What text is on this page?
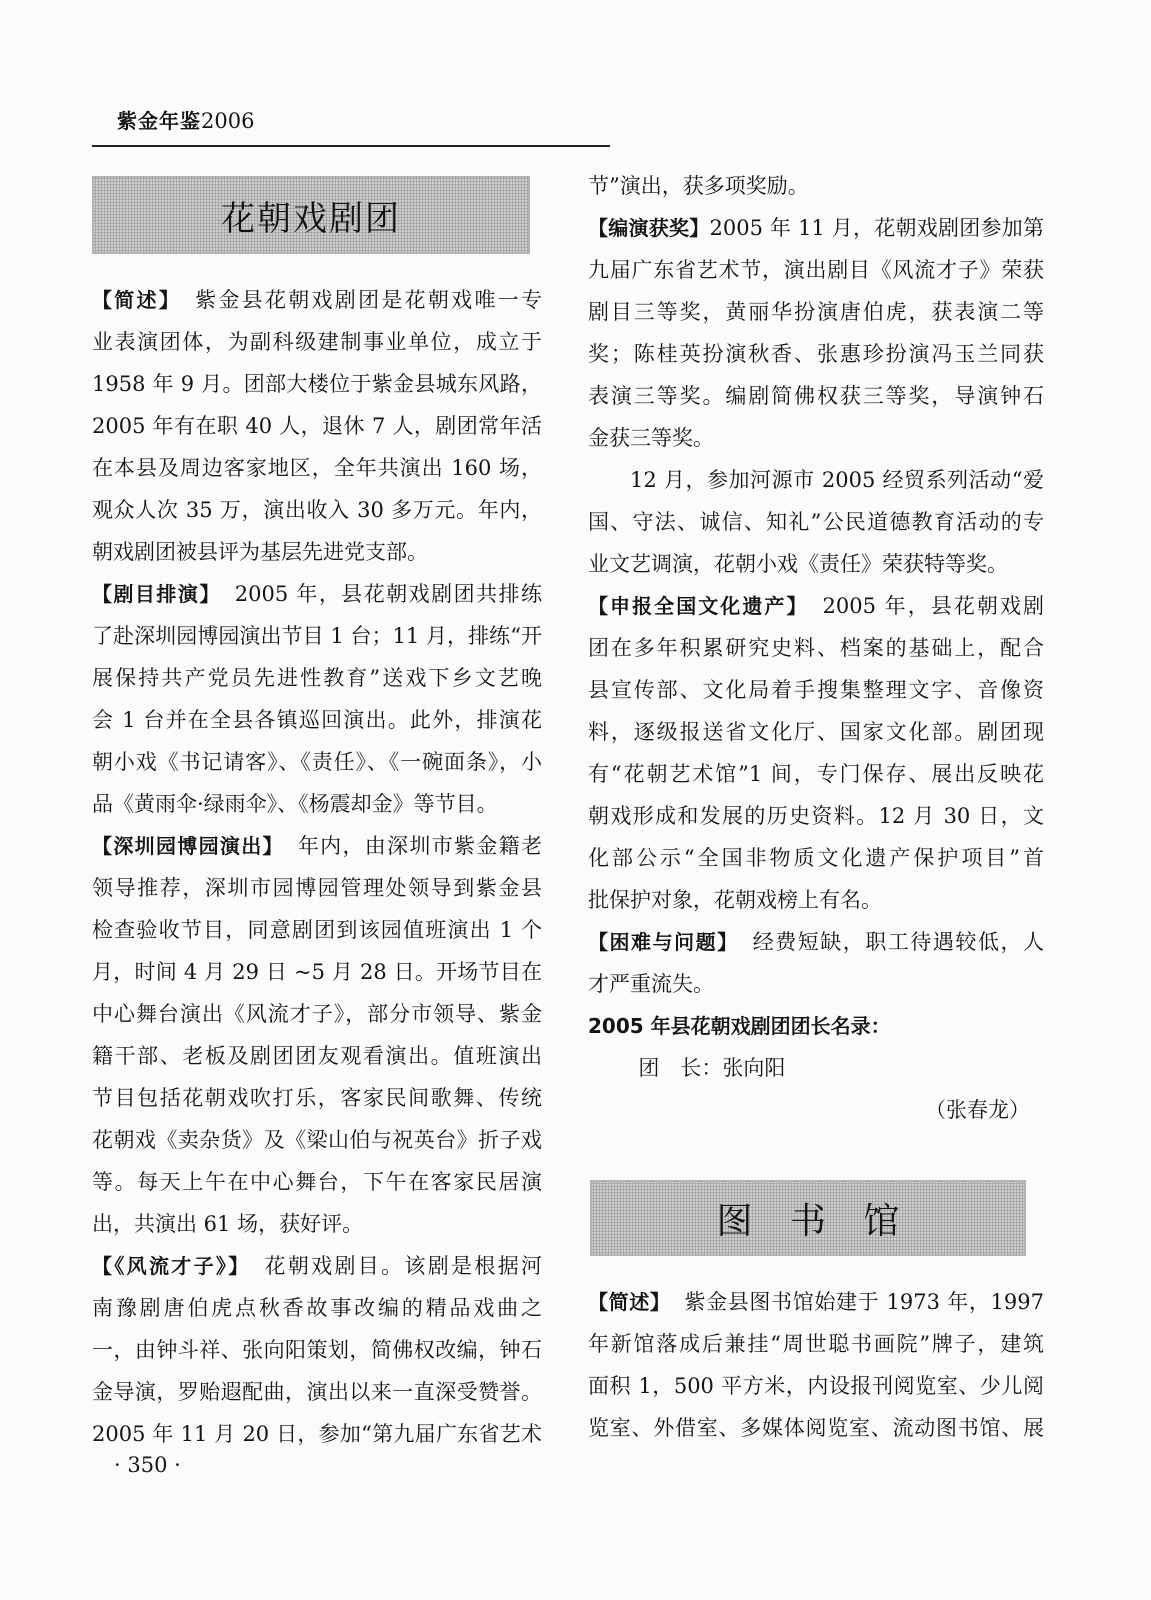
紫金年鉴2006
花朝戏剧团
【简述】 紫金县花朝戏剧团是花朝戏唯一专
业表演团体，为副科级建制事业单位，成立于
1958 年 9 月。团部大楼位于紫金县城东风路，
2005 年有在职 40 人，退休 7 人，剧团常年活
在本县及周边客家地区，全年共演出 160 场，
观众人次 35 万，演出收入 30 多万元。年内，
朝戏剧团被县评为基层先进党支部。
【剧目排演】 2005 年，县花朝戏剧团共排练
了赴深圳园博园演出节目 1 台；11 月，排练“开
展保持共产党员先进性教育”送戏下乡文艺晚
会 1 台并在全县各镇巡回演出。此外，排演花
朝小戏《书记请客》、《责任》、《一碗面条》，小
品《黄雨伞·绿雨伞》、《杨震却金》等节目。
【深圳园博园演出】 年内，由深圳市紫金籍老
领导推荐，深圳市园博园管理处领导到紫金县
检查验收节目，同意剧团到该园值班演出 1 个
月，时间 4 月 29 日 ~5 月 28 日。开场节目在
中心舞台演出《风流才子》，部分市领导、紫金
籍干部、老板及剧团团友观看演出。值班演出
节目包括花朝戏吹打乐，客家民间歌舞、传统
花朝戏《卖杂货》及《梁山伯与祝英台》折子戏
等。每天上午在中心舞台，下午在客家民居演
出，共演出 61 场，获好评。
【《风流才子》】 花朝戏剧目。该剧是根据河
南豫剧唐伯虎点秋香故事改编的精品戏曲之
一，由钟斗祥、张向阳策划，简佛权改编，钟石
金导演，罗贻遐配曲，演出以来一直深受赞誉。
2005 年 11 月 20 日，参加“第九届广东省艺术
· 350 ·
节”演出，获多项奖励。
【编演获奖】2005 年 11 月，花朝戏剧团参加第
九届广东省艺术节，演出剧目《风流才子》荣获
剧目三等奖，黄丽华扮演唐伯虎，获表演二等
奖；陈桂英扮演秋香、张惠珍扮演冯玉兰同获
表演三等奖。编剧简佛权获三等奖，导演钟石
金获三等奖。
12 月，参加河源市 2005 经贸系列活动“爱
国、守法、诚信、知礼”公民道德教育活动的专
业文艺调演，花朝小戏《责任》荣获特等奖。
【申报全国文化遗产】 2005 年，县花朝戏剧
团在多年积累研究史料、档案的基础上，配合
县宣传部、文化局着手搜集整理文字、音像资
料，逐级报送省文化厅、国家文化部。剧团现
有“花朝艺术馆”1 间，专门保存、展出反映花
朝戏形成和发展的历史资料。12 月 30 日，文
化部公示“全国非物质文化遗产保护项目”首
批保护对象，花朝戏榜上有名。
【困难与问题】 经费短缺，职工待遇较低，人
才严重流失。
2005 年县花朝戏剧团团长名录：
团　长：张向阳
（张春龙）
图 书 馆
【简述】 紫金县图书馆始建于 1973 年，1997
年新馆落成后兼挂“周世聪书画院”牌子，建筑
面积 1，500 平方米，内设报刊阅览室、少儿阅
览室、外借室、多媒体阅览室、流动图书馆、展
